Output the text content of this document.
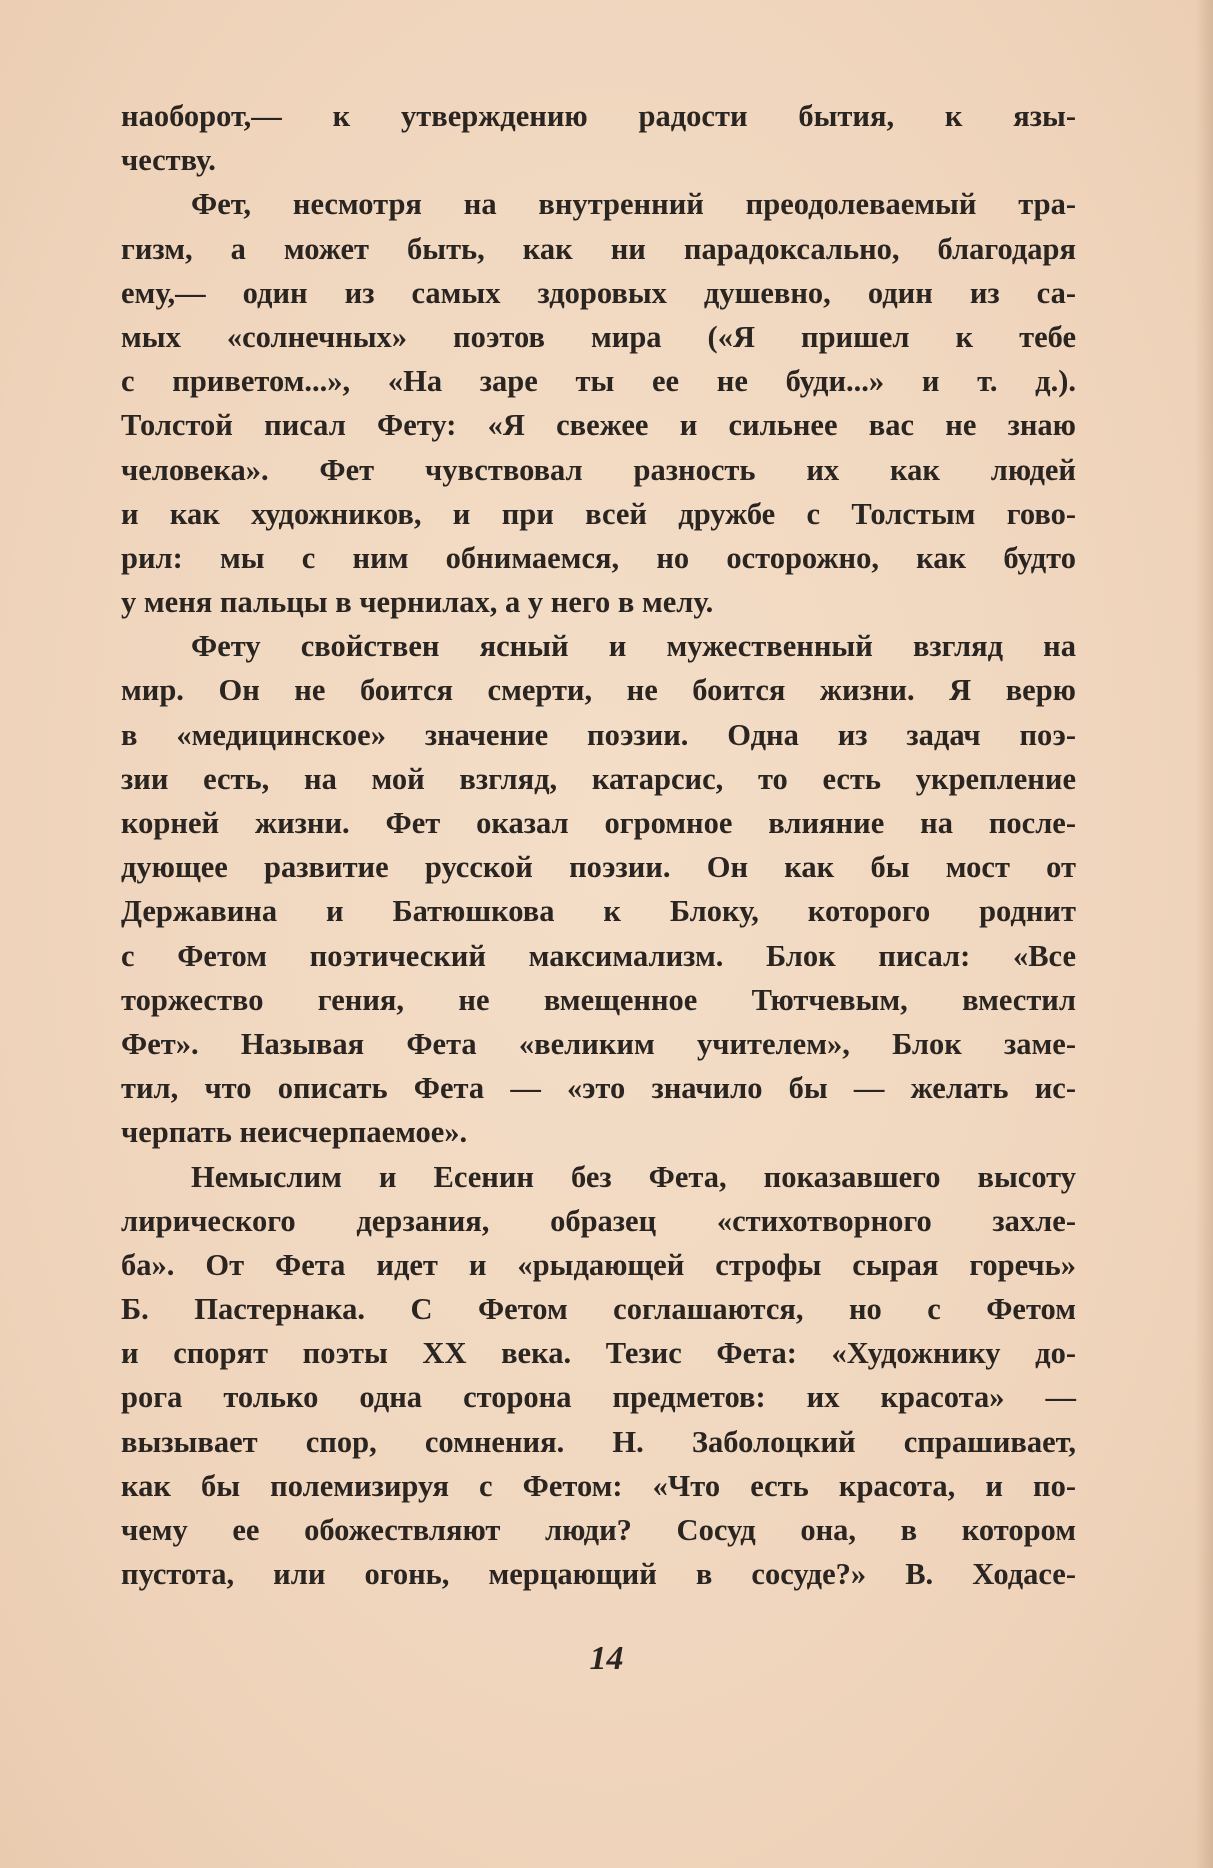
наоборот,— к утверждению радости бытия, к язы-
честву.
Фет, несмотря на внутренний преодолеваемый тра-
гизм, а может быть, как ни парадоксально, благодаря
ему,— один из самых здоровых душевно, один из са-
мых «солнечных» поэтов мира («Я пришел к тебе
с приветом...», «На заре ты ее не буди...» и т. д.).
Толстой писал Фету: «Я свежее и сильнее вас не знаю
человека». Фет чувствовал разность их как людей
и как художников, и при всей дружбе с Толстым гово-
рил: мы с ним обнимаемся, но осторожно, как будто
у меня пальцы в чернилах, а у него в мелу.
Фету свойствен ясный и мужественный взгляд на
мир. Он не боится смерти, не боится жизни. Я верю
в «медицинское» значение поэзии. Одна из задач поэ-
зии есть, на мой взгляд, катарсис, то есть укрепление
корней жизни. Фет оказал огромное влияние на после-
дующее развитие русской поэзии. Он как бы мост от
Державина и Батюшкова к Блоку, которого роднит
с Фетом поэтический максимализм. Блок писал: «Все
торжество гения, не вмещенное Тютчевым, вместил
Фет». Называя Фета «великим учителем», Блок заме-
тил, что описать Фета — «это значило бы — желать ис-
черпать неисчерпаемое».
Немыслим и Есенин без Фета, показавшего высоту
лирического дерзания, образец «стихотворного захле-
ба». От Фета идет и «рыдающей строфы сырая горечь»
Б. Пастернака. С Фетом соглашаются, но с Фетом
и спорят поэты XX века. Тезис Фета: «Художнику до-
рога только одна сторона предметов: их красота» —
вызывает спор, сомнения. Н. Заболоцкий спрашивает,
как бы полемизируя с Фетом: «Что есть красота, и по-
чему ее обожествляют люди? Сосуд она, в котором
пустота, или огонь, мерцающий в сосуде?» В. Ходасе-
14
